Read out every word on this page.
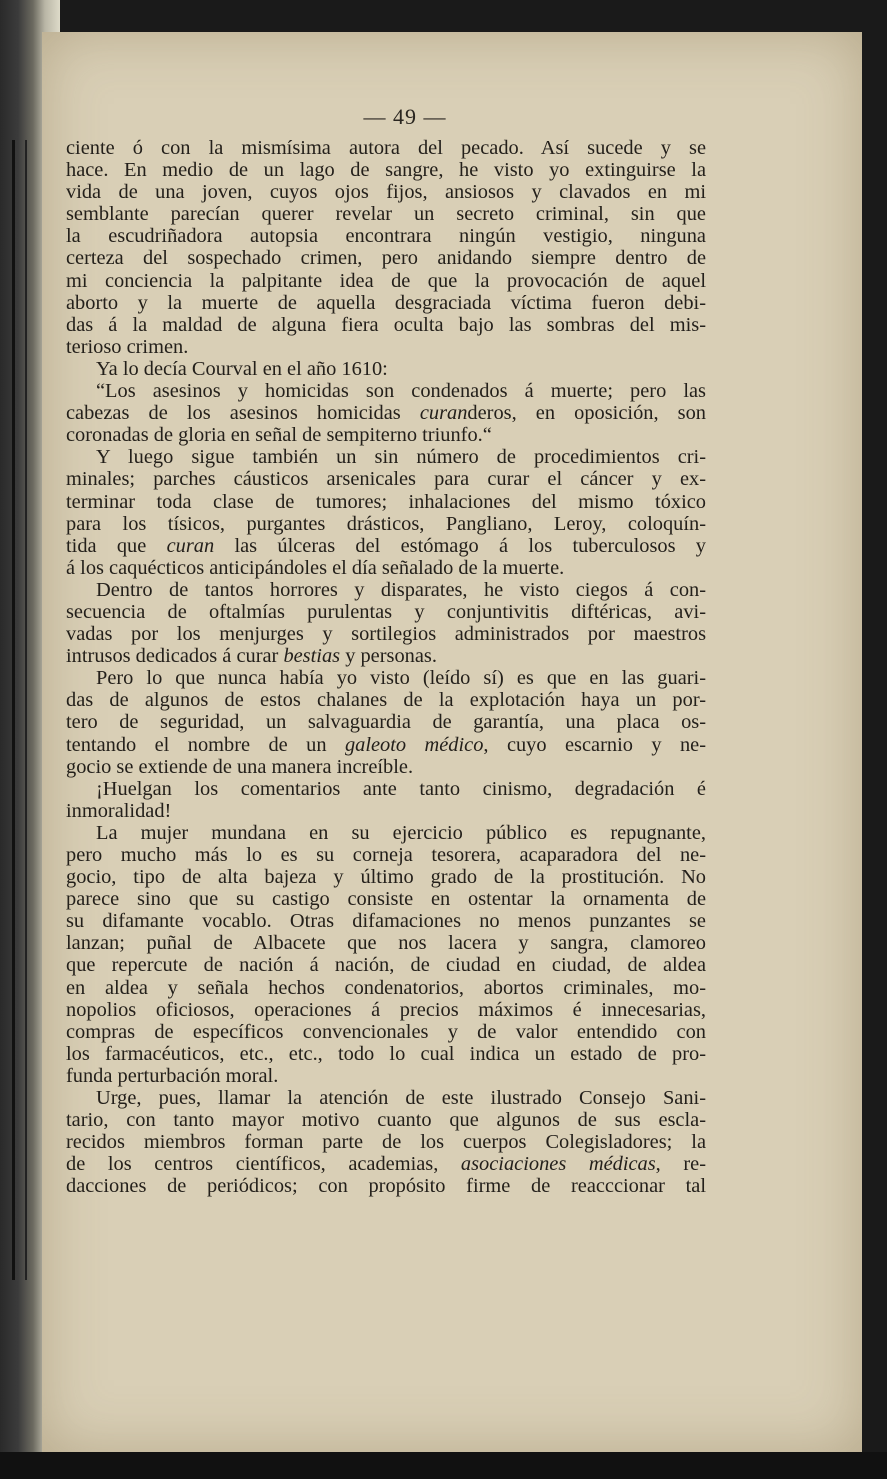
— 49 —
ciente ó con la mismísima autora del pecado. Así sucede y se
hace. En medio de un lago de sangre, he visto yo extinguirse la
vida de una joven, cuyos ojos fijos, ansiosos y clavados en mi
semblante parecían querer revelar un secreto criminal, sin que
la escudriñadora autopsia encontrara ningún vestigio, ninguna
certeza del sospechado crimen, pero anidando siempre dentro de
mi conciencia la palpitante idea de que la provocación de aquel
aborto y la muerte de aquella desgraciada víctima fueron debi-
das á la maldad de alguna fiera oculta bajo las sombras del mis-
terioso crimen.
Ya lo decía Courval en el año 1610:
“Los asesinos y homicidas son condenados á muerte; pero las
cabezas de los asesinos homicidas curanderos, en oposición, son
coronadas de gloria en señal de sempiterno triunfo.“
Y luego sigue también un sin número de procedimientos cri-
minales; parches cáusticos arsenicales para curar el cáncer y ex-
terminar toda clase de tumores; inhalaciones del mismo tóxico
para los tísicos, purgantes drásticos, Pangliano, Leroy, coloquín-
tida que curan las úlceras del estómago á los tuberculosos y
á los caquécticos anticipándoles el día señalado de la muerte.
Dentro de tantos horrores y disparates, he visto ciegos á con-
secuencia de oftalmías purulentas y conjuntivitis diftéricas, avi-
vadas por los menjurges y sortilegios administrados por maestros
intrusos dedicados á curar bestias y personas.
Pero lo que nunca había yo visto (leído sí) es que en las guari-
das de algunos de estos chalanes de la explotación haya un por-
tero de seguridad, un salvaguardia de garantía, una placa os-
tentando el nombre de un galeoto médico, cuyo escarnio y ne-
gocio se extiende de una manera increíble.
¡Huelgan los comentarios ante tanto cinismo, degradación é
inmoralidad!
La mujer mundana en su ejercicio público es repugnante,
pero mucho más lo es su corneja tesorera, acaparadora del ne-
gocio, tipo de alta bajeza y último grado de la prostitución. No
parece sino que su castigo consiste en ostentar la ornamenta de
su difamante vocablo. Otras difamaciones no menos punzantes se
lanzan; puñal de Albacete que nos lacera y sangra, clamoreo
que repercute de nación á nación, de ciudad en ciudad, de aldea
en aldea y señala hechos condenatorios, abortos criminales, mo-
nopolios oficiosos, operaciones á precios máximos é innecesarias,
compras de específicos convencionales y de valor entendido con
los farmacéuticos, etc., etc., todo lo cual indica un estado de pro-
funda perturbación moral.
Urge, pues, llamar la atención de este ilustrado Consejo Sani-
tario, con tanto mayor motivo cuanto que algunos de sus escla-
recidos miembros forman parte de los cuerpos Colegisladores; la
de los centros científicos, academias, asociaciones médicas, re-
dacciones de periódicos; con propósito firme de reacccionar tal
